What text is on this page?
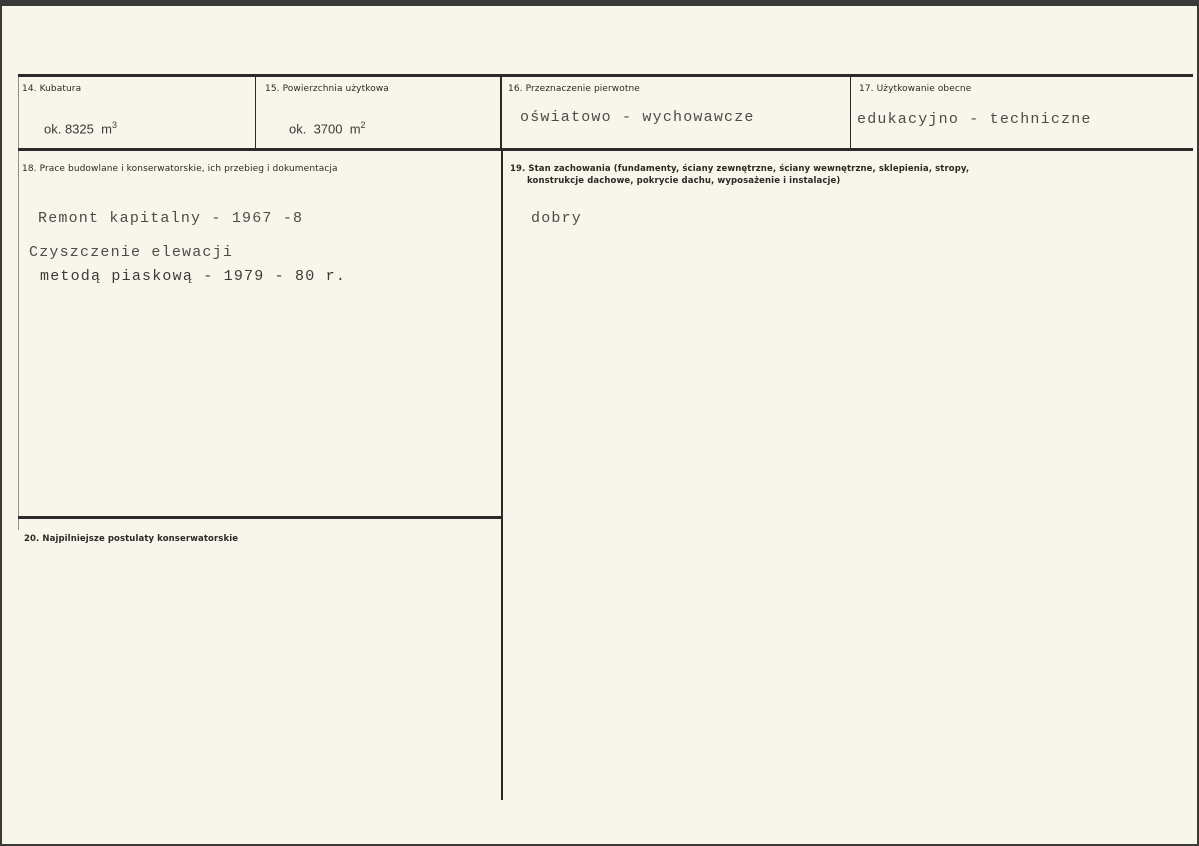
14. Kubatura
ok. 8325  $m^3$
15. Powierzchnia użytkowa
ok.  3700  $m^2$
16. Przeznaczenie pierwotne
oświatowo - wychowawcze
17. Użytkowanie obecne
edukacyjno - techniczne
18. Prace budowlane i konserwatorskie, ich przebieg i dokumentacja
Remont kapitalny - 1967 -8
Czyszczenie elewacji
metodą piaskową - 1979 - 80 r.
19. Stan zachowania (fundamenty, ściany zewnętrzne, ściany wewnętrzne, sklepienia, stropy,
konstrukcje dachowe, pokrycie dachu, wyposażenie i instalacje)
dobry
20. Najpilniejsze postulaty konserwatorskie
